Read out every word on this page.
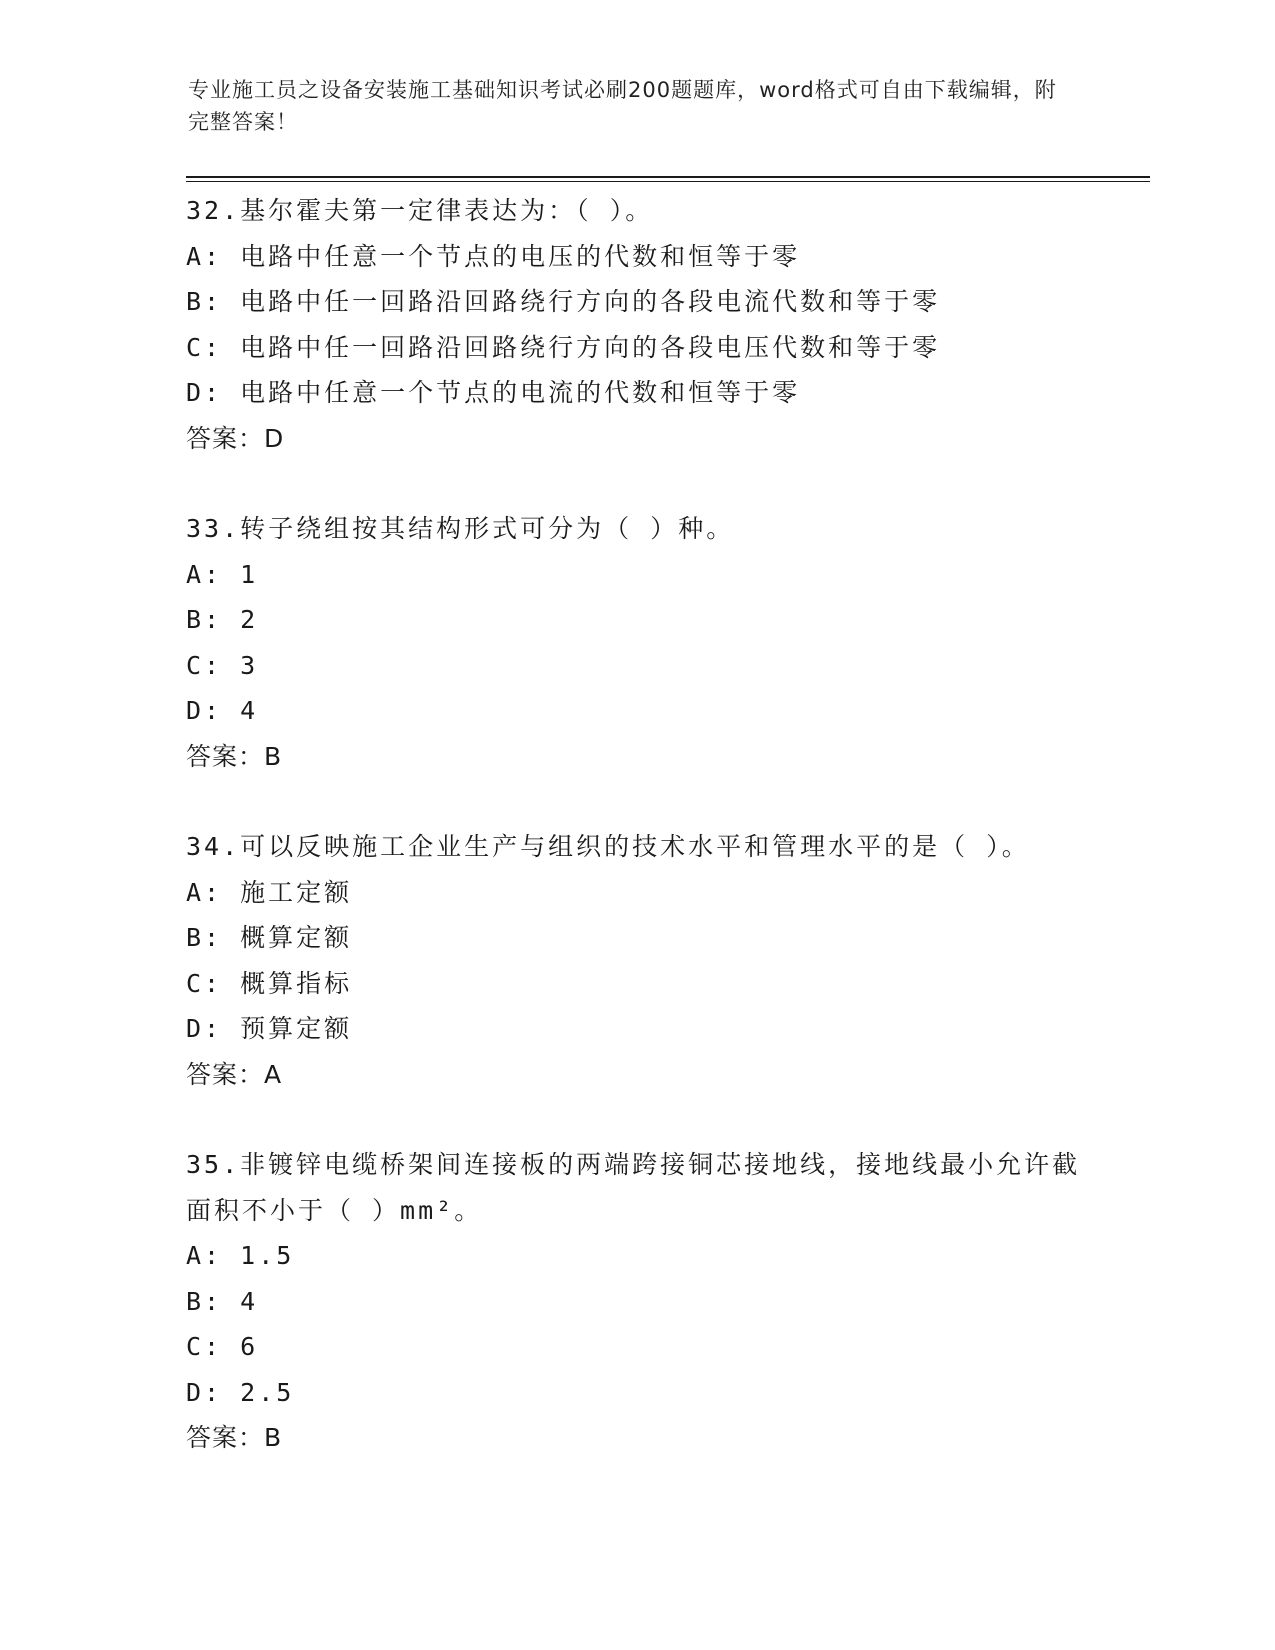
专业施工员之设备安装施工基础知识考试必刷200题题库，word格式可自由下载编辑，附完整答案！
32.基尔霍夫第一定律表达为：（ ）。
A: 电路中任意一个节点的电压的代数和恒等于零
B: 电路中任一回路沿回路绕行方向的各段电流代数和等于零
C: 电路中任一回路沿回路绕行方向的各段电压代数和等于零
D: 电路中任意一个节点的电流的代数和恒等于零
答案：D
33.转子绕组按其结构形式可分为（ ）种。
A: 1
B: 2
C: 3
D: 4
答案：B
34.可以反映施工企业生产与组织的技术水平和管理水平的是（ ）。
A: 施工定额
B: 概算定额
C: 概算指标
D: 预算定额
答案：A
35.非镀锌电缆桥架间连接板的两端跨接铜芯接地线，接地线最小允许截面积不小于（ ）mm²。
A: 1.5
B: 4
C: 6
D: 2.5
答案：B
